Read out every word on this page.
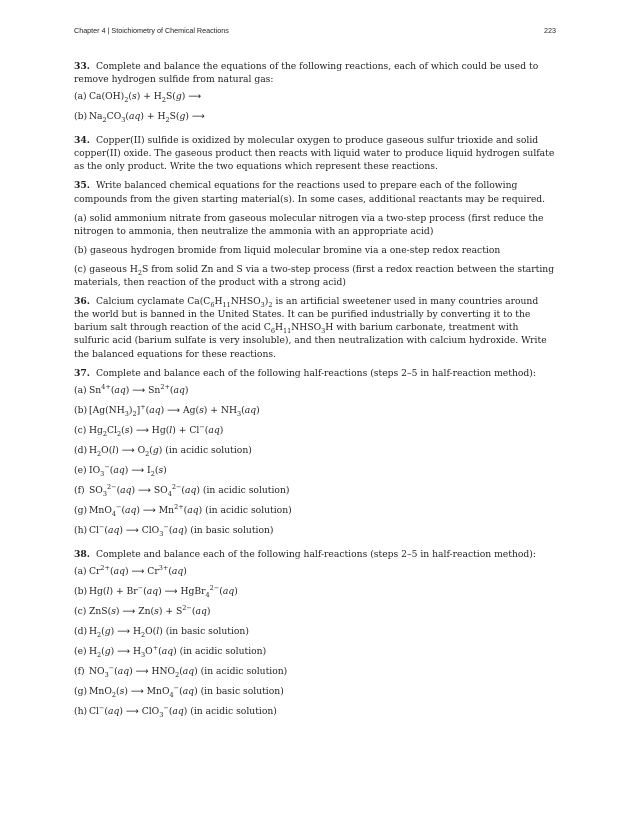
Chapter 4 | Stoichiometry of Chemical Reactions	223

33. Complete and balance the equations of the following reactions, each of which could be used to remove hydrogen sulfide from natural gas:

(a) $Ca(OH)_2(s) + H_2S(g)$ ⟶
(b) $Na_2CO_3(aq) + H_2S(g)$ ⟶

34. Copper(II) sulfide is oxidized by molecular oxygen to produce gaseous sulfur trioxide and solid copper(II) oxide. The gaseous product then reacts with liquid water to produce liquid hydrogen sulfate as the only product. Write the two equations which represent these reactions.

35. Write balanced chemical equations for the reactions used to prepare each of the following compounds from the given starting material(s). In some cases, additional reactants may be required.

(a) solid ammonium nitrate from gaseous molecular nitrogen via a two-step process (first reduce the nitrogen to ammonia, then neutralize the ammonia with an appropriate acid)

(b) gaseous hydrogen bromide from liquid molecular bromine via a one-step redox reaction

(c) gaseous $H_2S$ from solid Zn and S via a two-step process (first a redox reaction between the starting materials, then reaction of the product with a strong acid)

36. Calcium cyclamate $Ca(C_6H_{11}NHSO_3)_2$ is an artificial sweetener used in many countries around the world but is banned in the United States. It can be purified industrially by converting it to the barium salt through reaction of the acid $C_6H_{11}NHSO_3H$ with barium carbonate, treatment with sulfuric acid (barium sulfate is very insoluble), and then neutralization with calcium hydroxide. Write the balanced equations for these reactions.

37. Complete and balance each of the following half-reactions (steps 2–5 in half-reaction method):

(a) $Sn^{4+}(aq)$ ⟶ $Sn^{2+}(aq)$
(b) $[Ag(NH_3)_2]^+(aq)$ ⟶ $Ag(s) + NH_3(aq)$
(c) $Hg_2Cl_2(s)$ ⟶ Hg(l) + Cl−(aq)
(d) $H_2O(l)$ ⟶ $O_2(g)$ (in acidic solution)
(e) $IO_3^-(aq)$ ⟶ $I_2(s)$
(f) $SO_3^{2-}(aq)$ ⟶ $SO_4^{2-}(aq)$ (in acidic solution)
(g) MnO$_4$−(aq) ⟶ $Mn^{2+}(aq)$ (in acidic solution)
(h) Cl−(aq) ⟶ ClO$_3$−(aq) (in basic solution)

38. Complete and balance each of the following half-reactions (steps 2–5 in half-reaction method):

(a) $Cr^{2+}(aq)$ ⟶ $Cr^{3+}(aq)$
(b) Hg(l) + Br−(aq) ⟶ HgBr$_4^{2-}$(aq)
(c) ZnS(s) ⟶ $Zn(s) + S^{2-}(aq)$
(d) $H_2(g)$ ⟶ $H_2O(l)$ (in basic solution)
(e) $H_2(g)$ ⟶ $H_3O^+(aq)$ (in acidic solution)
(f) $NO_3^-(aq)$ ⟶ $HNO_2(aq)$ (in acidic solution)
(g) MnO$_2$(s) ⟶ MnO$_4$−(aq) (in basic solution)
(h) Cl−(aq) ⟶ ClO$_3$−(aq) (in acidic solution)
